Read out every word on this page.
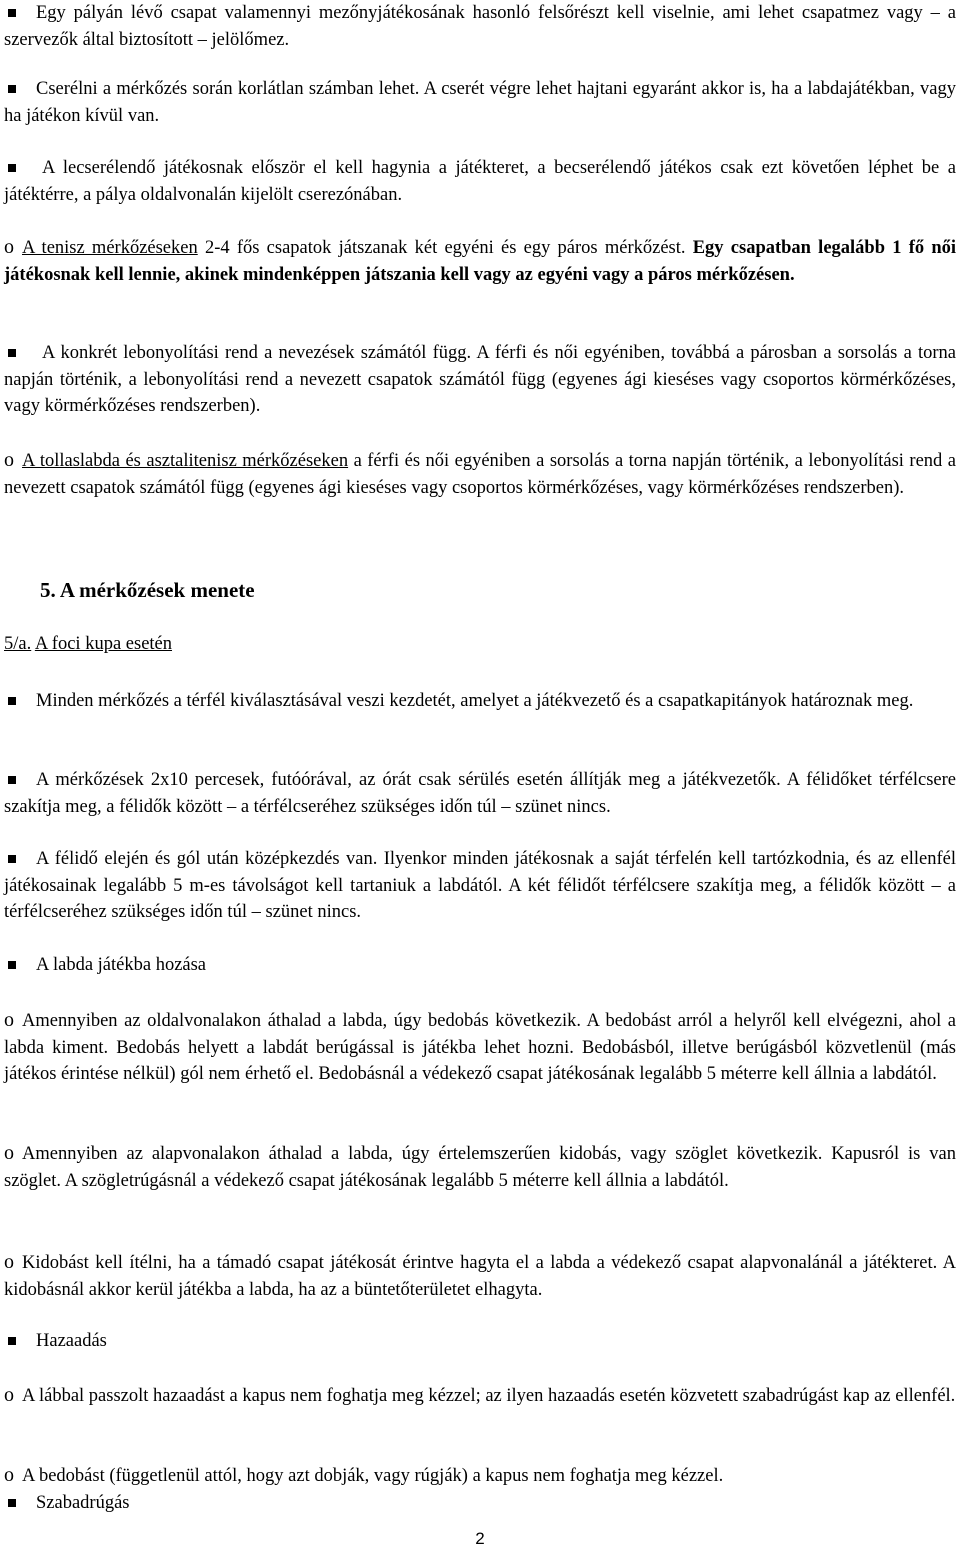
Egy pályán lévő csapat valamennyi mezőnyjátékosának hasonló felsőrészt kell viselnie, ami lehet csapatmez vagy – a szervezők által biztosított – jelölőmez.

Cserélni a mérkőzés során korlátlan számban lehet. A cserét végre lehet hajtani egyaránt akkor is, ha a labdajátékban, vagy ha játékon kívül van.

A lecserélendő játékosnak először el kell hagynia a játékteret, a becserélendő játékos csak ezt követően léphet be a játéktérre, a pálya oldalvonalán kijelölt cserezónában.

o A tenisz mérkőzéseken 2-4 fős csapatok játszanak két egyéni és egy páros mérkőzést. Egy csapatban legalább 1 fő női játékosnak kell lennie, akinek mindenképpen játszania kell vagy az egyéni vagy a páros mérkőzésen.

A konkrét lebonyolítási rend a nevezések számától függ. A férfi és női egyéniben, továbbá a párosban a sorsolás a torna napján történik, a lebonyolítási rend a nevezett csapatok számától függ (egyenes ági kieséses vagy csoportos körmérkőzéses, vagy körmérkőzéses rendszerben).

o A tollaslabda és asztalitenisz mérkőzéseken a férfi és női egyéniben a sorsolás a torna napján történik, a lebonyolítási rend a nevezett csapatok számától függ (egyenes ági kieséses vagy csoportos körmérkőzéses, vagy körmérkőzéses rendszerben).

5. A mérkőzések menete

5/a. A foci kupa esetén

Minden mérkőzés a térfél kiválasztásával veszi kezdetét, amelyet a játékvezető és a csapatkapitányok határoznak meg.

A mérkőzések 2x10 percesek, futóórával, az órát csak sérülés esetén állítják meg a játékvezetők. A félidőket térfélcsere szakítja meg, a félidők között – a térfélcseréhez szükséges időn túl – szünet nincs.

A félidő elején és gól után középkezdés van. Ilyenkor minden játékosnak a saját térfelén kell tartózkodnia, és az ellenfél játékosainak legalább 5 m-es távolságot kell tartaniuk a labdától. A két félidőt térfélcsere szakítja meg, a félidők között – a térfélcseréhez szükséges időn túl – szünet nincs.

A labda játékba hozása

o Amennyiben az oldalvonalakon áthalad a labda, úgy bedobás következik. A bedobást arról a helyről kell elvégezni, ahol a labda kiment. Bedobás helyett a labdát berúgással is játékba lehet hozni. Bedobásból, illetve berúgásból közvetlenül (más játékos érintése nélkül) gól nem érhető el. Bedobásnál a védekező csapat játékosának legalább 5 méterre kell állnia a labdától.

o Amennyiben az alapvonalakon áthalad a labda, úgy értelemszerűen kidobás, vagy szöglet következik. Kapusról is van szöglet. A szögletrúgásnál a védekező csapat játékosának legalább 5 méterre kell állnia a labdától.

o Kidobást kell ítélni, ha a támadó csapat játékosát érintve hagyta el a labda a védekező csapat alapvonalánál a játékteret. A kidobásnál akkor kerül játékba a labda, ha az a büntetőterületet elhagyta.

Hazaadás

o A lábbal passzolt hazaadást a kapus nem foghatja meg kézzel; az ilyen hazaadás esetén közvetett szabadrúgást kap az ellenfél.

o A bedobást (függetlenül attól, hogy azt dobják, vagy rúgják) a kapus nem foghatja meg kézzel.

Szabadrúgás

2
